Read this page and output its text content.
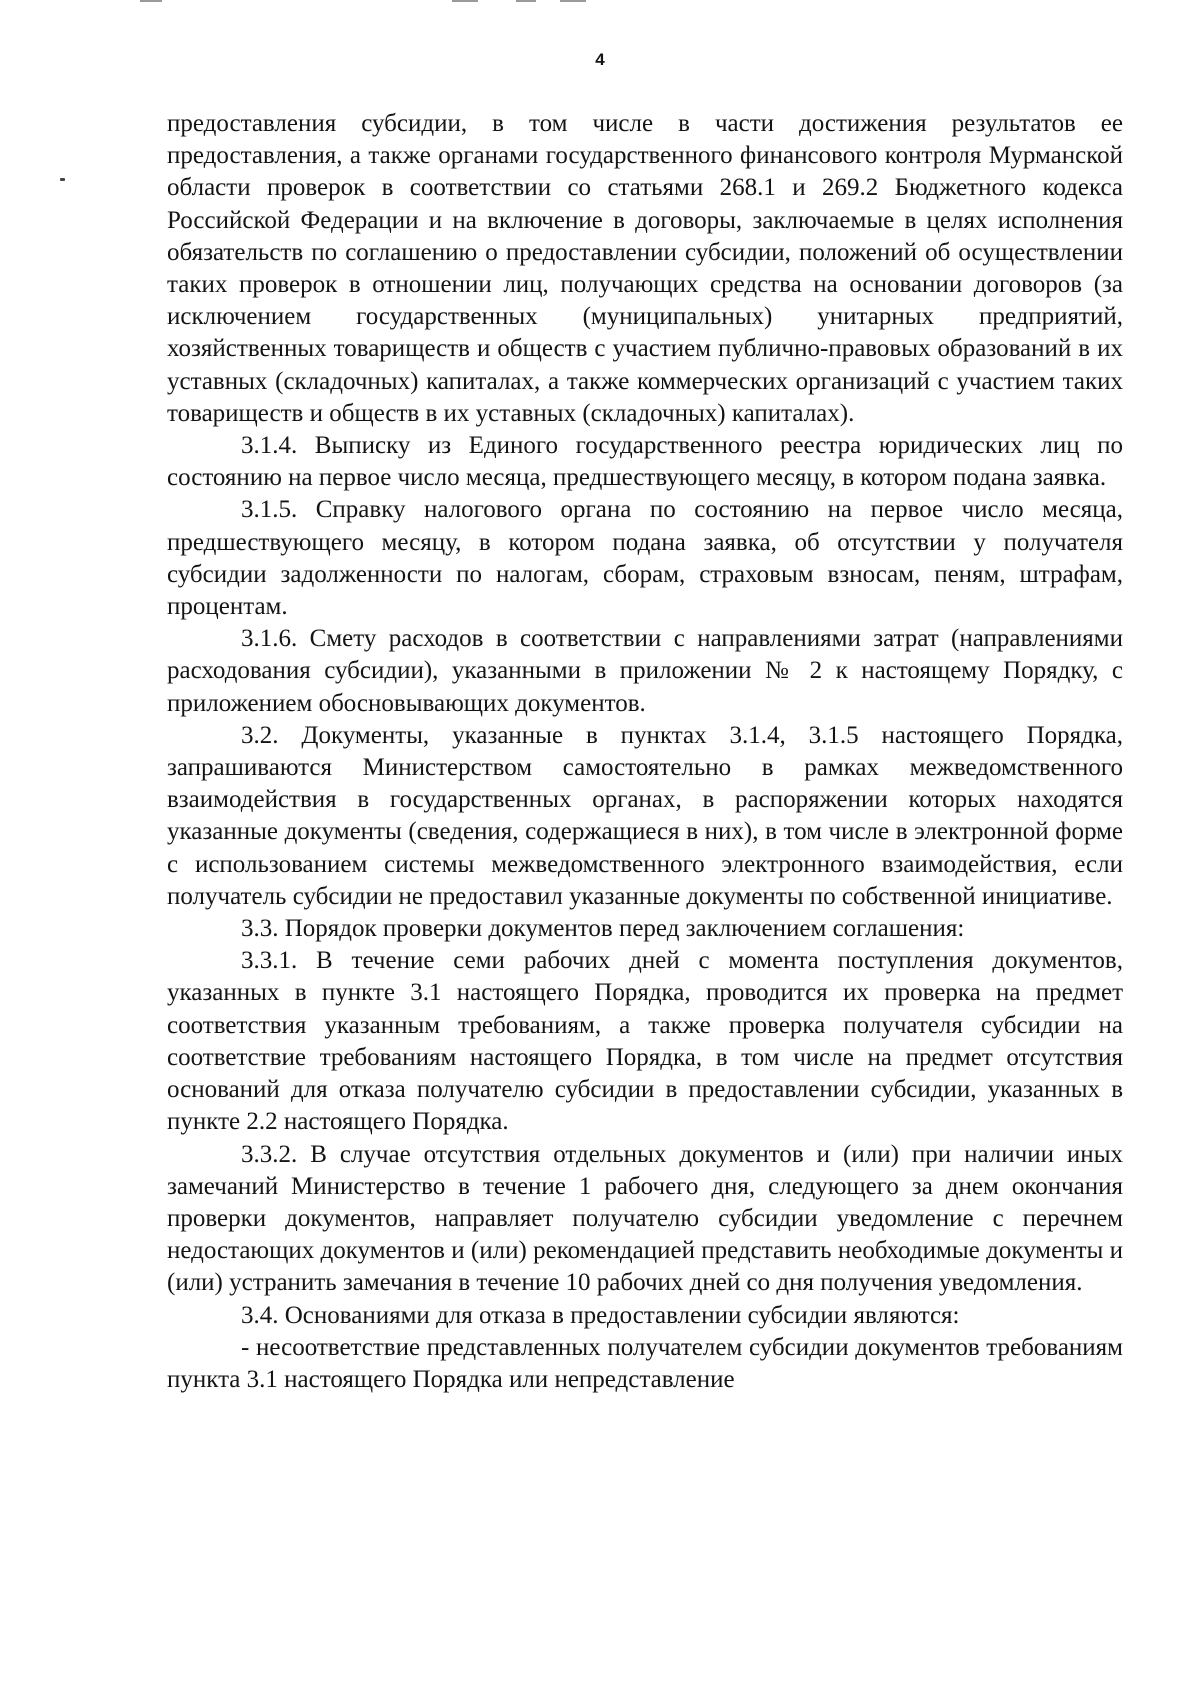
4

предоставления субсидии, в том числе в части достижения результатов ее предоставления, а также органами государственного финансового контроля Мурманской области проверок в соответствии со статьями 268.1 и 269.2 Бюджетного кодекса Российской Федерации и на включение в договоры, заключаемые в целях исполнения обязательств по соглашению о предоставлении субсидии, положений об осуществлении таких проверок в отношении лиц, получающих средства на основании договоров (за исключением государственных (муниципальных) унитарных предприятий, хозяйственных товариществ и обществ с участием публично-правовых образований в их уставных (складочных) капиталах, а также коммерческих организаций с участием таких товариществ и обществ в их уставных (складочных) капиталах).

3.1.4. Выписку из Единого государственного реестра юридических лиц по состоянию на первое число месяца, предшествующего месяцу, в котором подана заявка.

3.1.5. Справку налогового органа по состоянию на первое число месяца, предшествующего месяцу, в котором подана заявка, об отсутствии у получателя субсидии задолженности по налогам, сборам, страховым взносам, пеням, штрафам, процентам.

3.1.6. Смету расходов в соответствии с направлениями затрат (направлениями расходования субсидии), указанными в приложении № 2 к настоящему Порядку, с приложением обосновывающих документов.

3.2. Документы, указанные в пунктах 3.1.4, 3.1.5 настоящего Порядка, запрашиваются Министерством самостоятельно в рамках межведомственного взаимодействия в государственных органах, в распоряжении которых находятся указанные документы (сведения, содержащиеся в них), в том числе в электронной форме с использованием системы межведомственного электронного взаимодействия, если получатель субсидии не предоставил указанные документы по собственной инициативе.

3.3. Порядок проверки документов перед заключением соглашения:

3.3.1. В течение семи рабочих дней с момента поступления документов, указанных в пункте 3.1 настоящего Порядка, проводится их проверка на предмет соответствия указанным требованиям, а также проверка получателя субсидии на соответствие требованиям настоящего Порядка, в том числе на предмет отсутствия оснований для отказа получателю субсидии в предоставлении субсидии, указанных в пункте 2.2 настоящего Порядка.

3.3.2. В случае отсутствия отдельных документов и (или) при наличии иных замечаний Министерство в течение 1 рабочего дня, следующего за днем окончания проверки документов, направляет получателю субсидии уведомление с перечнем недостающих документов и (или) рекомендацией представить необходимые документы и (или) устранить замечания в течение 10 рабочих дней со дня получения уведомления.

3.4. Основаниями для отказа в предоставлении субсидии являются:

- несоответствие представленных получателем субсидии документов требованиям пункта 3.1 настоящего Порядка или непредставление
